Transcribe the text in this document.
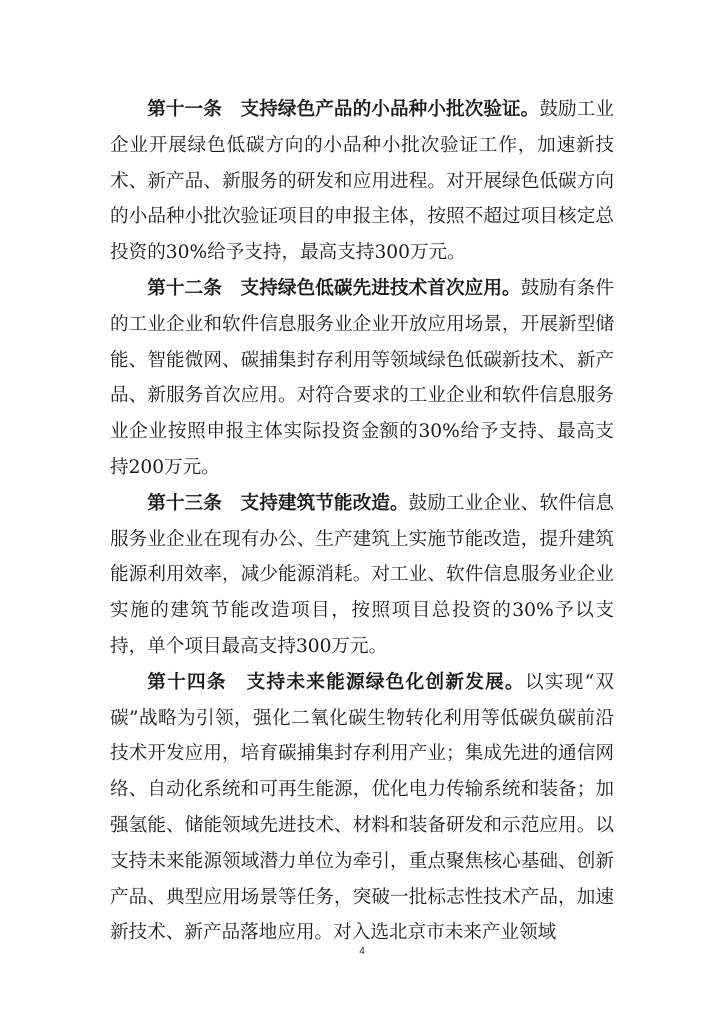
第十一条　支持绿色产品的小品种小批次验证。鼓励工业企业开展绿色低碳方向的小品种小批次验证工作，加速新技术、新产品、新服务的研发和应用进程。对开展绿色低碳方向的小品种小批次验证项目的申报主体，按照不超过项目核定总投资的30%给予支持，最高支持300万元。

第十二条　支持绿色低碳先进技术首次应用。鼓励有条件的工业企业和软件信息服务业企业开放应用场景，开展新型储能、智能微网、碳捕集封存利用等领域绿色低碳新技术、新产品、新服务首次应用。对符合要求的工业企业和软件信息服务业企业按照申报主体实际投资金额的30%给予支持、最高支持200万元。

第十三条　支持建筑节能改造。鼓励工业企业、软件信息服务业企业在现有办公、生产建筑上实施节能改造，提升建筑能源利用效率，减少能源消耗。对工业、软件信息服务业企业实施的建筑节能改造项目，按照项目总投资的30%予以支持，单个项目最高支持300万元。

第十四条　支持未来能源绿色化创新发展。以实现“双碳”战略为引领，强化二氧化碳生物转化利用等低碳负碳前沿技术开发应用，培育碳捕集封存利用产业；集成先进的通信网络、自动化系统和可再生能源，优化电力传输系统和装备；加强氢能、储能领域先进技术、材料和装备研发和示范应用。以支持未来能源领域潜力单位为牵引，重点聚焦核心基础、创新产品、典型应用场景等任务，突破一批标志性技术产品，加速新技术、新产品落地应用。对入选北京市未来产业领域

4
